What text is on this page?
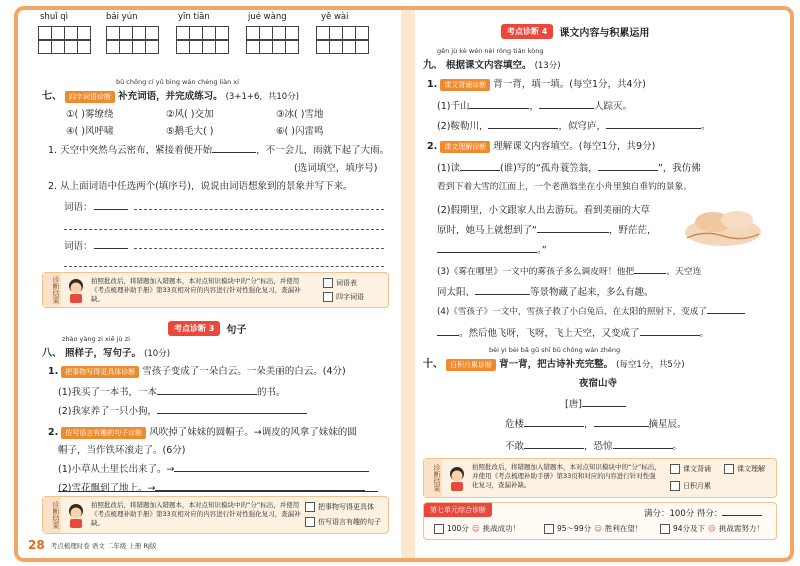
shuǐ qì	bái yún	yīn tiān	jué wàng	yě wài
bǔ chōng cí yǔ bìng wán chéng liàn xí
七、 四字词语诊断 补充词语，并完成练习。 (3+1+6，共10分)
①( )雾缭绕	②风( )交加	③冰( )雪地
④( )风呼啸	⑤鹅毛大( )	⑥( )闪雷鸣
1. 天空中突然乌云密布，紧接着便开始	，不一会儿，雨就下起了大雨。
(选词填空，填序号)
2. 从上面词语中任选两个(填序号)，说说由词语想象到的景象并写下来。
词语：
词语：
诊断结果	拍照批改后，将错题加入错题本，本对点知识模块中的“分”标出，并使用《考点梳理补助手册》第33页相对应的内容进行针对性强化复习，查漏补缺。
词语表
四字词语
考点诊断 3	句子
zhào yàng zi xiě jù zi
八、 照样子，写句子。 (10分)
1. 把事物写得更具体诊断 雪孩子变成了一朵白云。一朵美丽的白云。(4分)
(1)我买了一本书，一本	的书。
(2)我家养了一只小狗，
2. 仿写语言有趣的句子诊断 风吹掉了妹妹的圆帽子。→调皮的风拿了妹妹的圆
帽子，当作铁环滚走了。(6分)
(1)小草从土里长出来了。→
(2)雪花飘到了地上。→
诊断结果	拍照批改后，将错题加入错题本，本对点知识模块中的“分”标出，并使用《考点梳理补助手册》第33页相对应的内容进行针对性强化复习，查漏补缺。
把事物写得更具体
仿写语言有趣的句子
28 考点梳理时卷 语文 二年级 上册 RJ版
考点诊断 4	课文内容与积累运用
gēn jù kè wén nèi róng tián kòng
九、 根据课文内容填空。 (13分)
1. 课文背诵诊断 背一背，填一填。(每空1分，共4分)
(1)千山	，	人踪灭。
(2)鞍勒川，	，似穹庐，	。
2. 课文理解诊断 理解课文内容填空。(每空1分，共9分)
(1)读	(谁)写的“孤舟蓑笠翁，	”，我仿佛
看到下着大雪的江面上，一个老渔翁坐在小舟里独自垂钓的景象。
(2)假期里，小文跟家人出去游玩。看到美丽的大草
原时，她马上就想到了“	，野茫茫，
。”
(3)《雾在哪里》一文中的雾孩子多么调皮呀！他把	、天空连
同太阳、	等景物藏了起来，多么有趣。
(4)《雪孩子》一文中，雪孩子救了小白兔后，在太阳的照射下，变成了
。然后他飞呀，飞呀，飞上天空，又变成了	。
bèi yi bèi bǎ gǔ shī bǔ chōng wán zhěng
十、 日积月累诊断 背一背，把古诗补充完整。 (每空1分，共5分)
夜宿山寺
[唐]
危楼	，	摘星辰。
不敢	，恐惊	。
诊断结果	拍照批改后，将错题加入错题本，本对点知识模块中的“分”标出，并使用《考点梳理补助手册》第33页和对应的内容进行针对性强化复习，查漏补缺。
课文背诵	课文理解
日积月累
第七单元综合诊断	满分：100分 得分：
100分 ☺ 挑战成功！	95～99分 ☺ 胜利在望！	94分及下 ☹ 挑战需努力！
